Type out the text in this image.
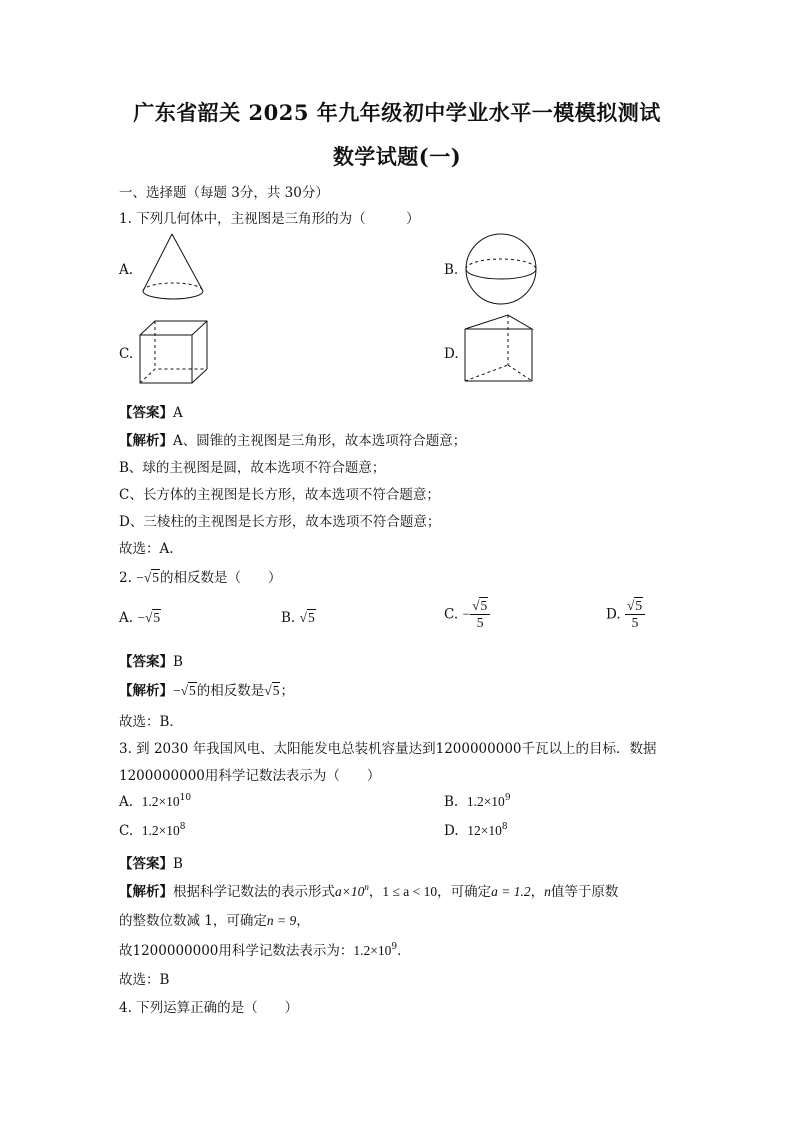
广东省韶关 2025 年九年级初中学业水平一模模拟测试
数学试题(一)
一、选择题（每题 3分，共 30分）
1. 下列几何体中，主视图是三角形的为（　　　）
A.	B.
C.	D.
【答案】A
【解析】A、圆锥的主视图是三角形，故本选项符合题意；
B、球的主视图是圆，故本选项不符合题意；
C、长方体的主视图是长方形，故本选项不符合题意；
D、三棱柱的主视图是长方形，故本选项不符合题意；
故选：A.
2. −√5的相反数是（　　）
A. −√5	B. √5	C. − $\frac{√5}{5}$	D. $\frac{√5}{5}$
【答案】B
【解析】−√5的相反数是√5；
故选：B．
3. 到 2030 年我国风电、太阳能发电总装机容量达到1200000000千瓦以上的目标．数据
1200000000用科学记数法表示为（　　）
A. $1.2\times 10^{10}$	B. $1.2\times 10^9$
C. $1.2\times 10^8$	D. $12\times 10^8$
【答案】B
【解析】根据科学记数法的表示形式$a\times 10^n$，1 ≤ a < 10，可确定a = 1.2，n值等于原数
的整数位数减 1，可确定n = 9，
故1200000000用科学记数法表示为：$1.2\times 10^9$．
故选：B
4. 下列运算正确的是（　　）
